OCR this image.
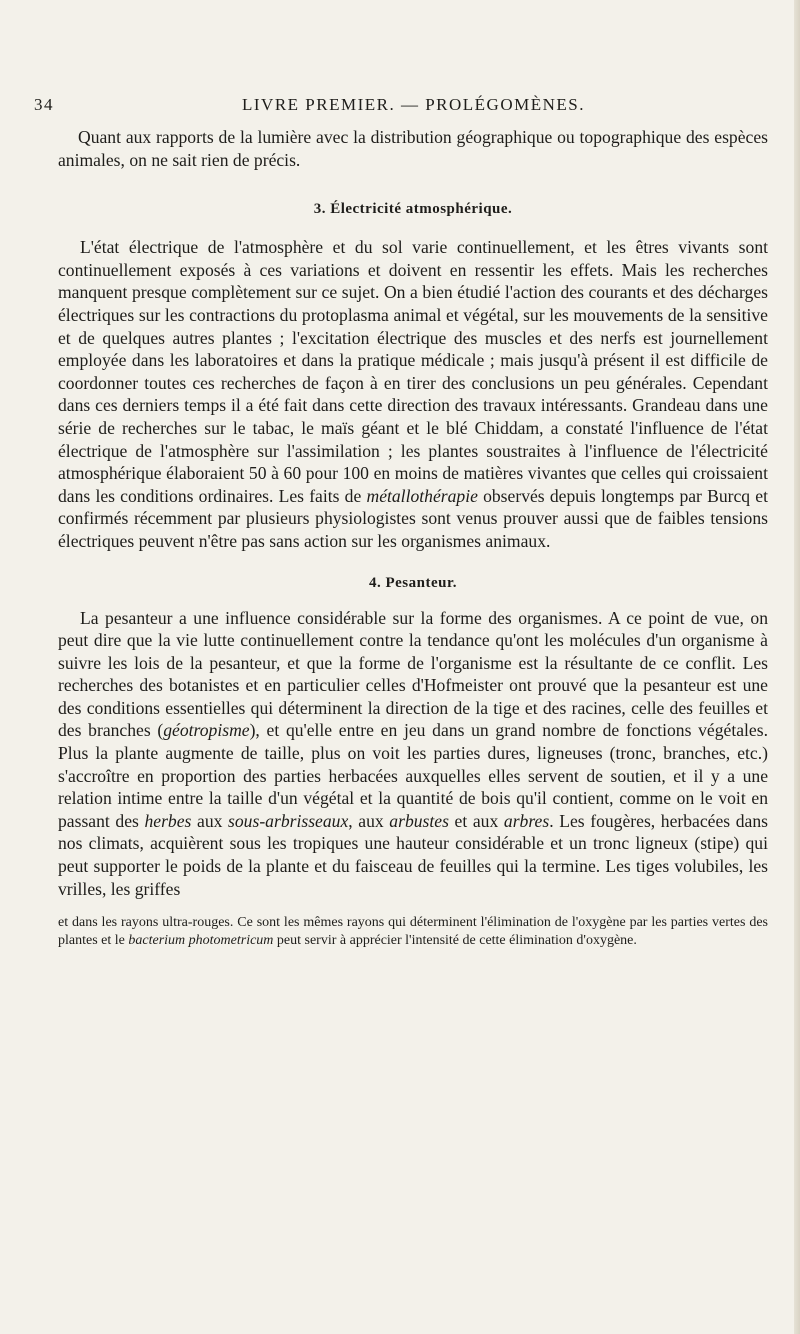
34	LIVRE PREMIER. — PROLÉGOMÈNES.

Quant aux rapports de la lumière avec la distribution géographique ou topographique des espèces animales, on ne sait rien de précis.

3. Électricité atmosphérique.

L'état électrique de l'atmosphère et du sol varie continuellement, et les êtres vivants sont continuellement exposés à ces variations et doivent en ressentir les effets. Mais les recherches manquent presque complètement sur ce sujet. On a bien étudié l'action des courants et des décharges électriques sur les contractions du protoplasma animal et végétal, sur les mouvements de la sensitive et de quelques autres plantes ; l'excitation électrique des muscles et des nerfs est journellement employée dans les laboratoires et dans la pratique médicale ; mais jusqu'à présent il est difficile de coordonner toutes ces recherches de façon à en tirer des conclusions un peu générales. Cependant dans ces derniers temps il a été fait dans cette direction des travaux intéressants. Grandeau dans une série de recherches sur le tabac, le maïs géant et le blé Chiddam, a constaté l'influence de l'état électrique de l'atmosphère sur l'assimilation ; les plantes soustraites à l'influence de l'électricité atmosphérique élaboraient 50 à 60 pour 100 en moins de matières vivantes que celles qui croissaient dans les conditions ordinaires. Les faits de métallothérapie observés depuis longtemps par Burcq et confirmés récemment par plusieurs physiologistes sont venus prouver aussi que de faibles tensions électriques peuvent n'être pas sans action sur les organismes animaux.

4. Pesanteur.

La pesanteur a une influence considérable sur la forme des organismes. A ce point de vue, on peut dire que la vie lutte continuellement contre la tendance qu'ont les molécules d'un organisme à suivre les lois de la pesanteur, et que la forme de l'organisme est la résultante de ce conflit. Les recherches des botanistes et en particulier celles d'Hofmeister ont prouvé que la pesanteur est une des conditions essentielles qui déterminent la direction de la tige et des racines, celle des feuilles et des branches (géotropisme), et qu'elle entre en jeu dans un grand nombre de fonctions végétales. Plus la plante augmente de taille, plus on voit les parties dures, ligneuses (tronc, branches, etc.) s'accroître en proportion des parties herbacées auxquelles elles servent de soutien, et il y a une relation intime entre la taille d'un végétal et la quantité de bois qu'il contient, comme on le voit en passant des herbes aux sous-arbrisseaux, aux arbustes et aux arbres. Les fougères, herbacées dans nos climats, acquièrent sous les tropiques une hauteur considérable et un tronc ligneux (stipe) qui peut supporter le poids de la plante et du faisceau de feuilles qui la termine. Les tiges volubiles, les vrilles, les griffes

et dans les rayons ultra-rouges. Ce sont les mêmes rayons qui déterminent l'élimination de l'oxygène par les parties vertes des plantes et le bacterium photometricum peut servir à apprécier l'intensité de cette élimination d'oxygène.
